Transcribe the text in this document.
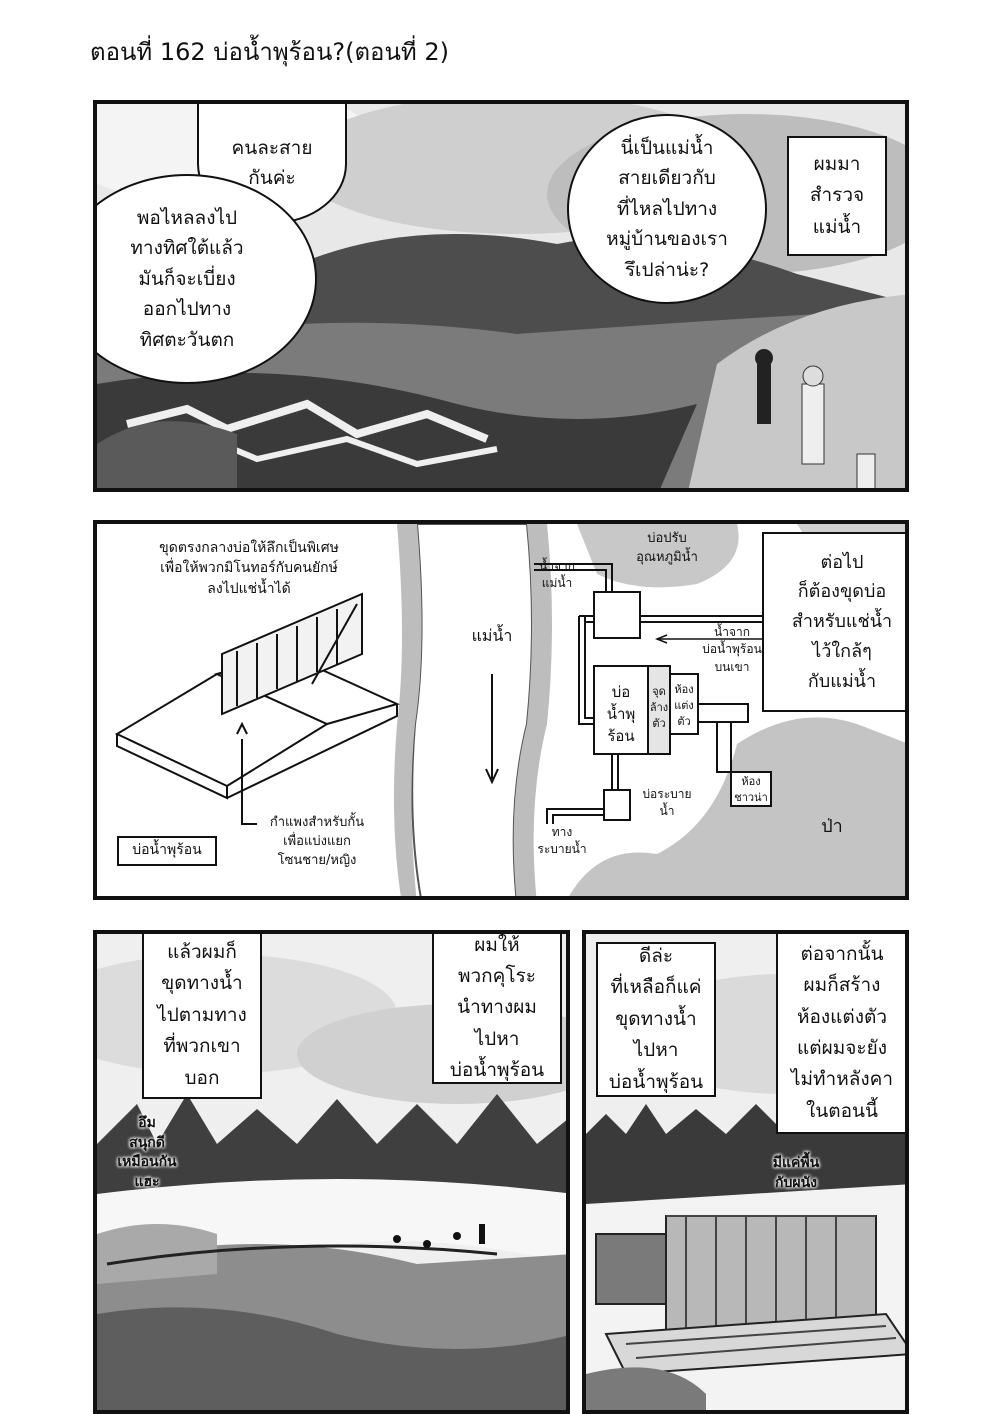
ตอนที่ 162 บ่อน้ำพุร้อน?(ตอนที่ 2)
คนละสาย
กันค่ะ
พอไหลลงไป
ทางทิศใต้แล้ว
มันก็จะเบี่ยง
ออกไปทาง
ทิศตะวันตก
นี่เป็นแม่น้ำ
สายเดียวกับ
ที่ไหลไปทาง
หมู่บ้านของเรา
รึเปล่าน่ะ?
ผมมา
สำรวจ
แม่น้ำ
ขุดตรงกลางบ่อให้ลึกเป็นพิเศษ
เพื่อให้พวกมิโนทอร์กับคนยักษ์
ลงไปแช่น้ำได้
กำแพงสำหรับกั้น
เพื่อแบ่งแยก
โซนชาย/หญิง
บ่อน้ำพุร้อน
แม่น้ำ
บ่อปรับ
อุณหภูมิน้ำ
น้ำจาก
แม่น้ำ
น้ำจาก
บ่อน้ำพุร้อน
บนเขา
บ่อ
น้ำพุ
ร้อน
จุด
ล้าง
ตัว
ห้อง
แต่ง
ตัว
ห้อง
ชาวน่า
บ่อระบาย
น้ำ
ทาง
ระบายน้ำ
ป่า
ต่อไป
ก็ต้องขุดบ่อ
สำหรับแช่น้ำ
ไว้ใกล้ๆ
กับแม่น้ำ
แล้วผมก็
ขุดทางน้ำ
ไปตามทาง
ที่พวกเขา
บอก
ผมให้
พวกคุโระ
นำทางผม
ไปหา
บ่อน้ำพุร้อน
อึม
สนุกดี
เหมือนกัน
แฮะ
ดีล่ะ
ที่เหลือก็แค่
ขุดทางน้ำ
ไปหา
บ่อน้ำพุร้อน
ต่อจากนั้น
ผมก็สร้าง
ห้องแต่งตัว
แต่ผมจะยัง
ไม่ทำหลังคา
ในตอนนี้
มีแค่พื้น
กับผนัง
